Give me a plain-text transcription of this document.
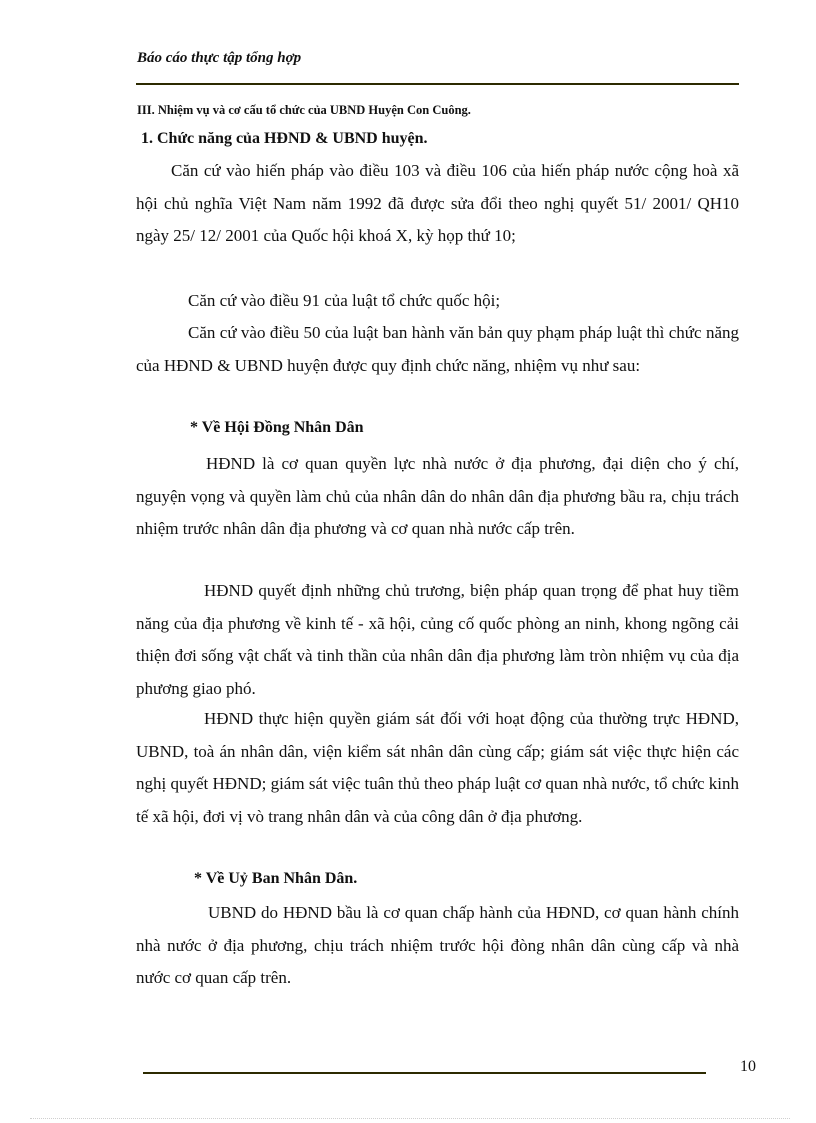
Báo cáo thực tập tổng hợp
III. Nhiệm vụ và cơ cấu tổ chức của UBND Huyện Con Cuông.
1. Chức năng của HĐND & UBND huyện.

Căn cứ vào hiến pháp vào điều 103 và điều 106 của hiến pháp nước cộng hoà xã hội chủ nghĩa Việt Nam năm 1992 đã được sửa đổi theo nghị quyết 51/ 2001/ QH10 ngày 25/ 12/ 2001 của Quốc hội khoá X, kỳ họp thứ 10;

Căn cứ vào điều 91 của luật tổ chức quốc hội;

Căn cứ vào điều 50 của luật ban hành văn bản quy phạm pháp luật thì chức năng của HĐND & UBND huyện được quy định chức năng, nhiệm vụ như sau:

* Về Hội Đồng Nhân Dân

HĐND là cơ quan quyền lực nhà nước ở địa phương, đại diện cho ý chí, nguyện vọng và quyền làm chủ của nhân dân do nhân dân địa phương bầu ra, chịu trách nhiệm trước nhân dân địa phương và cơ quan nhà nước cấp trên.

HĐND quyết định những chủ trương, biện pháp quan trọng để phat huy tiềm năng của địa phương về kinh tế - xã hội, củng cố quốc phòng an ninh, khong ngõng cải thiện đơi sống vật chất và tinh thần của nhân dân địa phương làm tròn nhiệm vụ của địa phương giao phó.

HĐND thực hiện quyền giám sát đối với hoạt động của thường trực HĐND, UBND, toà án nhân dân, viện kiểm sát nhân dân cùng cấp; giám sát việc thực hiện các nghị quyết HĐND; giám sát việc tuân thủ theo pháp luật cơ quan nhà nước, tổ chức kinh tế xã hội, đơi vị vò trang nhân dân và của công dân ở địa phương.

* Về Uỷ Ban Nhân Dân.

UBND do HĐND bầu là cơ quan chấp hành của HĐND, cơ quan hành chính nhà nước ở địa phương, chịu trách nhiệm trước hội đòng nhân dân cùng cấp và nhà nước cơ quan cấp trên.

10
